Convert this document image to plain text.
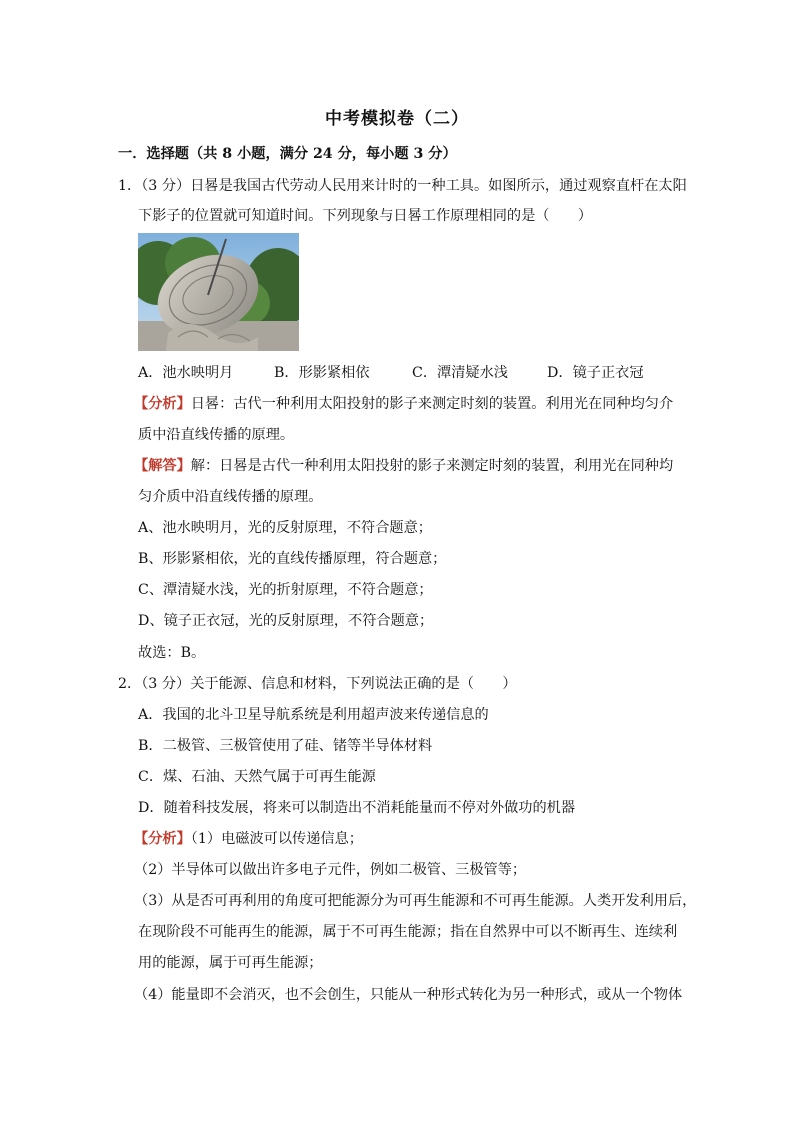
中考模拟卷（二）
一．选择题（共 8 小题，满分 24 分，每小题 3 分）
1．（3 分）日晷是我国古代劳动人民用来计时的一种工具。如图所示，通过观察直杆在太阳
下影子的位置就可知道时间。下列现象与日晷工作原理相同的是（　　）
A．池水映明月	B．形影紧相依	C．潭清疑水浅	D．镜子正衣冠
【分析】日晷：古代一种利用太阳投射的影子来测定时刻的装置。利用光在同种均匀介
质中沿直线传播的原理。
【解答】解：日晷是古代一种利用太阳投射的影子来测定时刻的装置，利用光在同种均
匀介质中沿直线传播的原理。
A、池水映明月，光的反射原理，不符合题意；
B、形影紧相依，光的直线传播原理，符合题意；
C、潭清疑水浅，光的折射原理，不符合题意；
D、镜子正衣冠，光的反射原理，不符合题意；
故选：B。
2．（3 分）关于能源、信息和材料，下列说法正确的是（　　）
A．我国的北斗卫星导航系统是利用超声波来传递信息的
B．二极管、三极管使用了硅、锗等半导体材料
C．煤、石油、天然气属于可再生能源
D．随着科技发展，将来可以制造出不消耗能量而不停对外做功的机器
【分析】（1）电磁波可以传递信息；
（2）半导体可以做出许多电子元件，例如二极管、三极管等；
（3）从是否可再利用的角度可把能源分为可再生能源和不可再生能源。人类开发利用后，
在现阶段不可能再生的能源，属于不可再生能源；指在自然界中可以不断再生、连续利
用的能源，属于可再生能源；
（4）能量即不会消灭，也不会创生，只能从一种形式转化为另一种形式，或从一个物体
